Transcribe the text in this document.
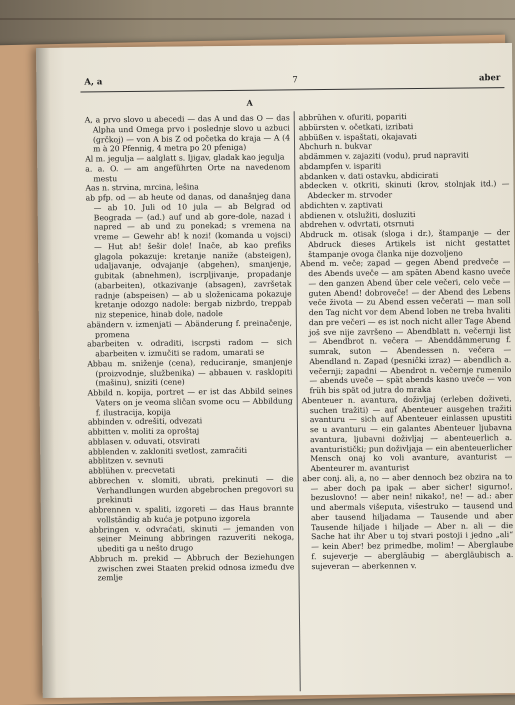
A, a	7	aber
A

A, a prvo slovo u abecedi — das A und das O — das Alpha und Omega prvo i poslednje slovo u azbuci (grčkoj) — von A bis Z od početka do kraja — A (4 m à 20 Pfennig, 4 metra po 20 pfeniga)

Al m. jegulja — aalglatt s. Ijigav, gladak kao jegulja

a. a. O. — am angeführten Orte na navedenom mestu

Aas n. strvina, mrcina, lešina

ab pfp. od — ab heute od danas, od današnjeg dana — ab 10. Juli od 10 jula — ab Belgrad od Beograda — (ad.) auf und ab gore-dole, nazad i napred — ab und zu ponekad; s vremena na vreme — Gewehr ab! k nozi! (komanda u vojsci) — Hut ab! šešir dole! Inače, ab kao prefiks glagola pokazuje: kretanje naniže (absteigen), udaljavanje, odvajanje (abgehen), smanjenje, gubitak (abnehmen), iscrpljivanje, propadanje (abarbeiten), otkazivanje (absagen), završetak radnje (abspeisen) — ab u složenicama pokazuje kretanje odozgo nadole: bergab nizbrdo, treppab niz stepenice, hinab dole, nadole

abändern v. izmenjati — Abänderung f. preinačenje, promena

abarbeiten v. odraditi, iscrpsti radom — sich abarbeiten v. izmučiti se radom, umarati se

Abbau m. sniženje (cena), reduciranje, smanjenje (proizvodnje, službenika) — abbauen v. rasklopiti (mašinu), sniziti (cene)

Abbild n. kopija, portret — er ist das Abbild seines Vaters on je veoma sličan svome ocu — Abbildung f. ilustracija, kopija

abbinden v. odrešiti, odvezati

abbitten v. moliti za oproštaj

abblasen v. oduvati, otsvirati

abblenden v. zakloniti svetlost, zamračiti

abblitzen v. sevnuti

abblühen v. precvetati

abbrechen v. slomiti, ubrati, prekinuti — die Verhandlungen wurden abgebrochen pregovori su prekinuti

abbrennen v. spaliti, izgoreti — das Haus brannte vollständig ab kuća je potpuno izgorela

abbringen v. odvraćati, skinuti — jemanden von seiner Meinung abbringen razuveriti nekoga, ubediti ga u nešto drugo

Abbruch m. prekid — Abbruch der Beziehungen zwischen zwei Staaten prekid odnosa između dve zemlje

abbrühen v. ofuriti, popariti

abbürsten v. očetkati, izribati

abbüßen v. ispaštati, okajavati

Abchurh n. bukvar

abdämmen v. zajaziti (vodu), prud napraviti

abdampfen v. ispariti

abdanken v. dati ostavku, abdicirati

abdecken v. otkriti, skinuti (krov, stolnjak itd.) — Abdecker m. strvoder

abdichten v. zaptivati

abdienen v. otslužiti, dosluziti

abdrehen v. odvrtati, otsrnuti

Abdruck m. otisak (sloga i dr.), štampanje — der Abdruck dieses Artikels ist nicht gestattet štampanje ovoga članka nije dozvoljeno

Abend m. veče; zapad — gegen Abend predveče — des Abends uveče — am späten Abend kasno uveče — den ganzen Abend über cele večeri, celo veče — guten Abend! dobroveče! — der Abend des Lebens veče života — zu Abend essen večerati — man soll den Tag nicht vor dem Abend loben ne treba hvaliti dan pre večeri — es ist noch nicht aller Tage Abend još sve nije završeno — Abendblatt n. večernji list — Abendbrot n. večera — Abenddämmerung f. sumrak, suton — Abendessen n. večera — Abendland n. Zapad (pesnički izraz) — abendlich a. večernji; zapadni — Abendrot n. večernje rumenilo — abends uveče — spät abends kasno uveče — von früh bis spät od jutra do mraka

Abenteuer n. avantura, doživljaj (erleben doživeti, suchen tražiti) — auf Abenteuer ausgehen tražiti avanturu — sich auf Abenteuer einlassen upustiti se u avanturu — ein galantes Abenteuer ljubavna avantura, ljubavni doživljaj — abenteuerlich a. avanturistički; pun doživljaja — ein abenteuerlicher Mensch onaj ko voli avanture, avanturist — Abenteurer m. avanturist

aber conj. ali, a, no — aber dennoch bez obzira na to — aber doch pa ipak — aber sicher! sigurno!, bezuslovno! — aber nein! nikako!, ne! — ad.: aber und abermals višeputa, višestruko — tausend und aber tausend hiljadama — Tausende und aber Tausende hiljade i hiljade — Aber n. ali — die Sache hat ihr Aber u toj stvari postoji i jedno „ali“ — kein Aber! bez primedbe, molim! — Aberglaube f. sujeverje — abergläubig — abergläubisch a. sujeveran — aberkennen v.
